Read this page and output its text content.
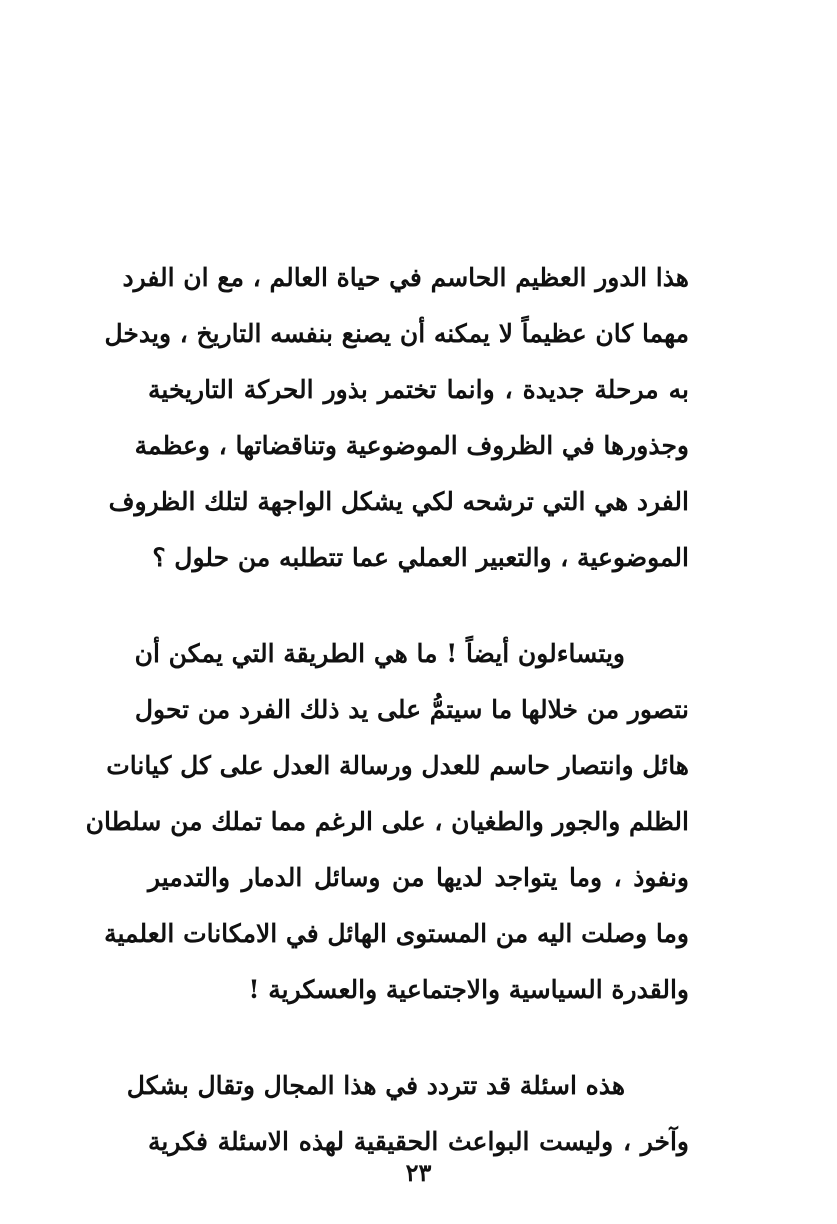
هذا الدور العظيم الحاسم في حياة العالم ، مع ان الفرد
مهما كان عظيماً لا يمكنه أن يصنع بنفسه التاريخ ، ويدخل
به مرحلة جديدة ، وانما تختمر بذور الحركة التاريخية
وجذورها في الظروف الموضوعية وتناقضاتها ، وعظمة
الفرد هي التي ترشحه لكي يشكل الواجهة لتلك الظروف
الموضوعية ، والتعبير العملي عما تتطلبه من حلول ؟
ويتساءلون أيضاً ! ما هي الطريقة التي يمكن أن
نتصور من خلالها ما سيتمُّ على يد ذلك الفرد من تحول
هائل وانتصار حاسم للعدل ورسالة العدل على كل كيانات
الظلم والجور والطغيان ، على الرغم مما تملك من سلطان
ونفوذ ، وما يتواجد لديها من وسائل الدمار والتدمير
وما وصلت اليه من المستوى الهائل في الامكانات العلمية
والقدرة السياسية والاجتماعية والعسكرية !
هذه اسئلة قد تتردد في هذا المجال وتقال بشكل
وآخر ، وليست البواعث الحقيقية لهذه الاسئلة فكرية
٢٣
